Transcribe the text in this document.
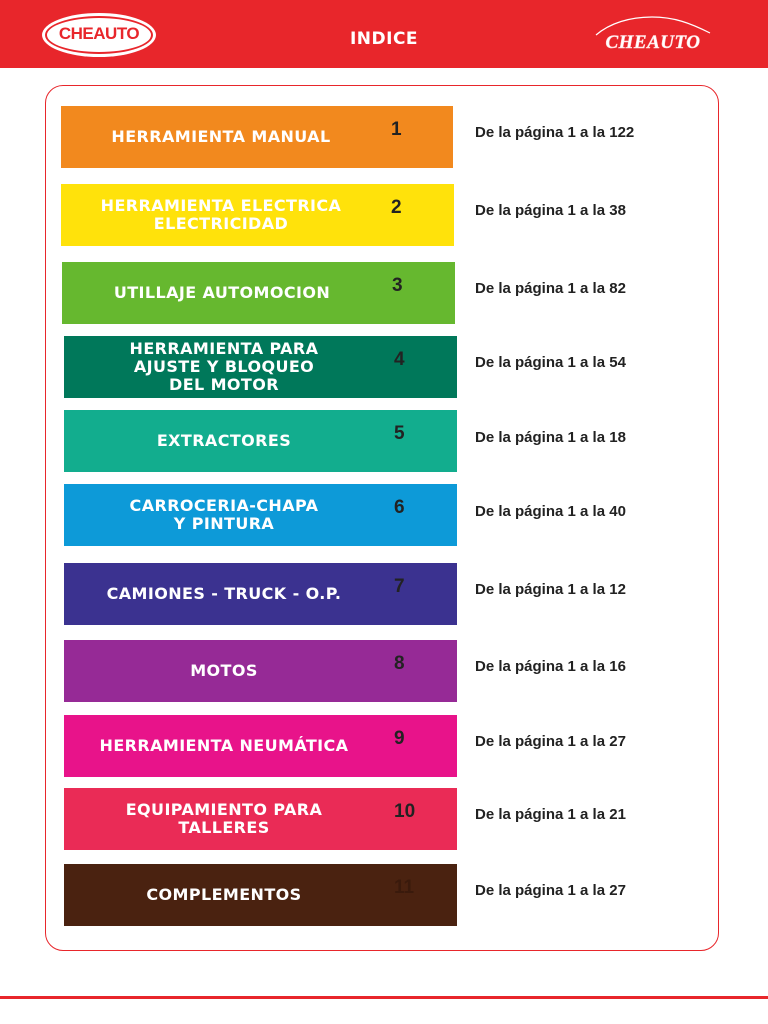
CHEAUTO	INDICE	CHEAUTO
HERRAMIENTA MANUAL	1	De la página 1 a la 122
HERRAMIENTA ELECTRICA
ELECTRICIDAD
2	De la página 1 a la 38
UTILLAJE AUTOMOCION	3	De la página 1 a la 82
HERRAMIENTA PARA
AJUSTE Y BLOQUEO
DEL MOTOR
4	De la página 1 a la 54
EXTRACTORES	5	De la página 1 a la 18
CARROCERIA-CHAPA
Y PINTURA
6	De la página 1 a la 40
CAMIONES - TRUCK - O.P.	7	De la página 1 a la 12
MOTOS	8	De la página 1 a la 16
HERRAMIENTA NEUMÁTICA	9	De la página 1 a la 27
EQUIPAMIENTO PARA
TALLERES
10	De la página 1 a la 21
COMPLEMENTOS	11	De la página 1 a la 27
